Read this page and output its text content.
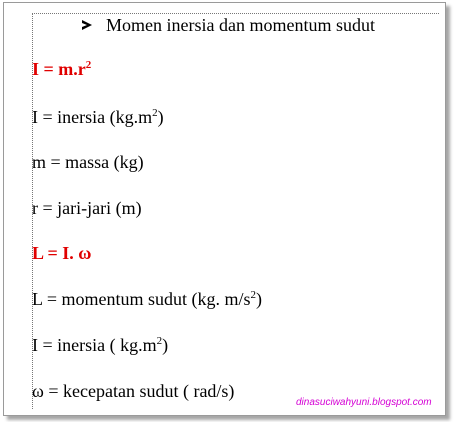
Momen inersia dan momentum sudut
$I = m.r^2$
I = inersia $(kg.m^2)$
m = massa (kg)
r = jari-jari (m)
L = I. ω
L = momentum sudut (kg. $m/s^2$)
I = inersia ( $kg.m^2$)
ω = kecepatan sudut ( rad/s)
dinasuciwahyuni.blogspot.com
